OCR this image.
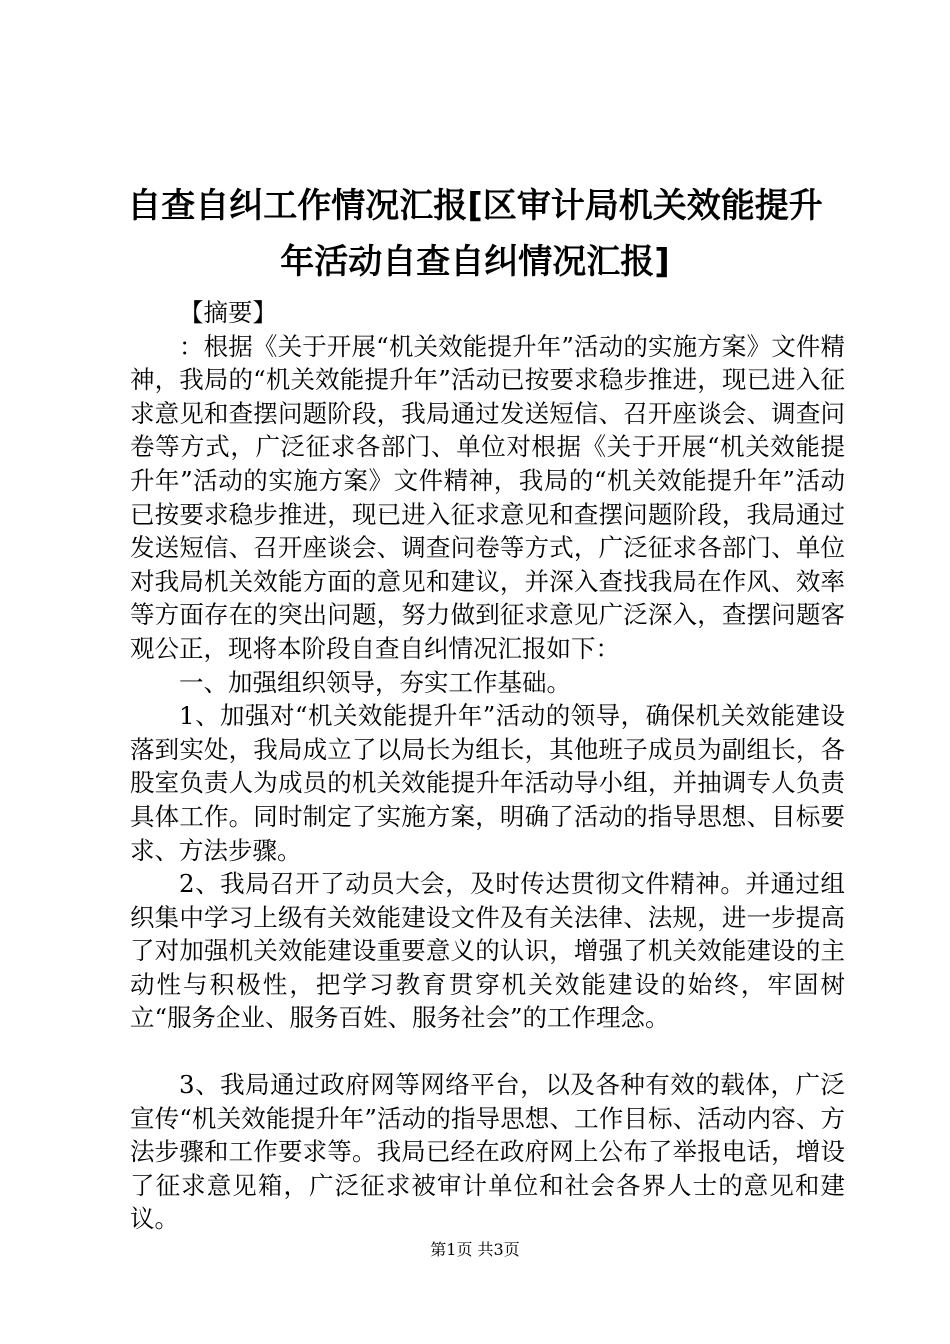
自查自纠工作情况汇报[区审计局机关效能提升年活动自查自纠情况汇报]

【摘要】

：根据《关于开展“机关效能提升年”活动的实施方案》文件精神，我局的“机关效能提升年”活动已按要求稳步推进，现已进入征求意见和查摆问题阶段，我局通过发送短信、召开座谈会、调查问卷等方式，广泛征求各部门、单位对根据《关于开展“机关效能提升年”活动的实施方案》文件精神，我局的“机关效能提升年”活动已按要求稳步推进，现已进入征求意见和查摆问题阶段，我局通过发送短信、召开座谈会、调查问卷等方式，广泛征求各部门、单位对我局机关效能方面的意见和建议，并深入查找我局在作风、效率等方面存在的突出问题，努力做到征求意见广泛深入，查摆问题客观公正，现将本阶段自查自纠情况汇报如下：

一、加强组织领导，夯实工作基础。

1、加强对“机关效能提升年”活动的领导，确保机关效能建设落到实处，我局成立了以局长为组长，其他班子成员为副组长，各股室负责人为成员的机关效能提升年活动导小组，并抽调专人负责具体工作。同时制定了实施方案，明确了活动的指导思想、目标要求、方法步骤。

2、我局召开了动员大会，及时传达贯彻文件精神。并通过组织集中学习上级有关效能建设文件及有关法律、法规，进一步提高了对加强机关效能建设重要意义的认识，增强了机关效能建设的主动性与积极性，把学习教育贯穿机关效能建设的始终，牢固树立“服务企业、服务百姓、服务社会”的工作理念。

3、我局通过政府网等网络平台，以及各种有效的载体，广泛宣传“机关效能提升年”活动的指导思想、工作目标、活动内容、方法步骤和工作要求等。我局已经在政府网上公布了举报电话，增设了征求意见箱，广泛征求被审计单位和社会各界人士的意见和建议。

第1页 共3页
